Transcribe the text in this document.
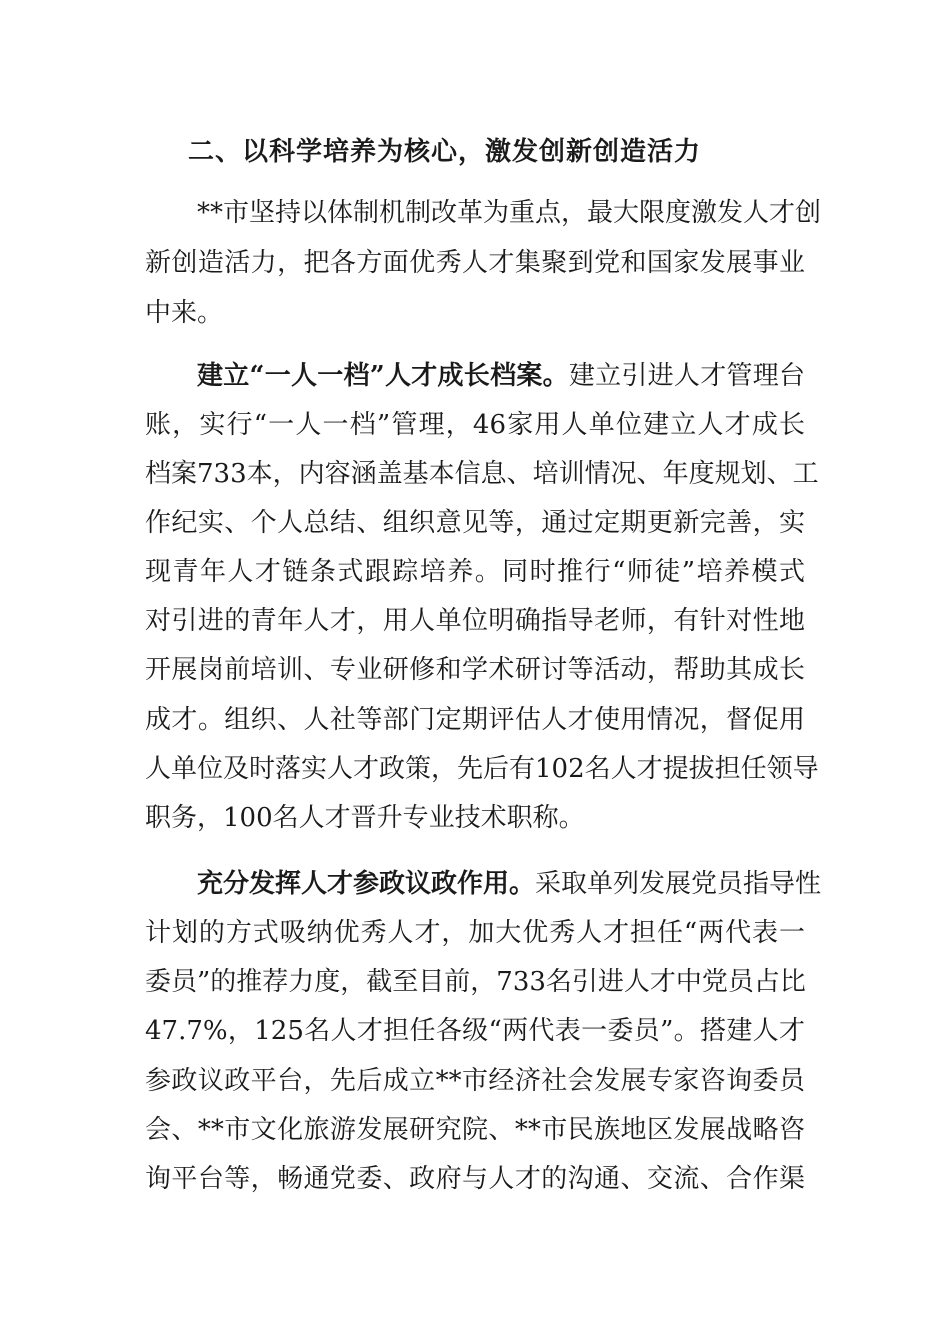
二、以科学培养为核心，激发创新创造活力
**市坚持以体制机制改革为重点，最大限度激发人才创
新创造活力，把各方面优秀人才集聚到党和国家发展事业
中来。
建立“一人一档”人才成长档案。建立引进人才管理台
账，实行“一人一档”管理，46家用人单位建立人才成长
档案733本，内容涵盖基本信息、培训情况、年度规划、工
作纪实、个人总结、组织意见等，通过定期更新完善，实
现青年人才链条式跟踪培养。同时推行“师徒”培养模式
对引进的青年人才，用人单位明确指导老师，有针对性地
开展岗前培训、专业研修和学术研讨等活动，帮助其成长
成才。组织、人社等部门定期评估人才使用情况，督促用
人单位及时落实人才政策，先后有102名人才提拔担任领导
职务，100名人才晋升专业技术职称。
充分发挥人才参政议政作用。采取单列发展党员指导性
计划的方式吸纳优秀人才，加大优秀人才担任“两代表一
委员”的推荐力度，截至目前，733名引进人才中党员占比
47.7%，125名人才担任各级“两代表一委员”。搭建人才
参政议政平台，先后成立**市经济社会发展专家咨询委员
会、**市文化旅游发展研究院、**市民族地区发展战略咨
询平台等，畅通党委、政府与人才的沟通、交流、合作渠
